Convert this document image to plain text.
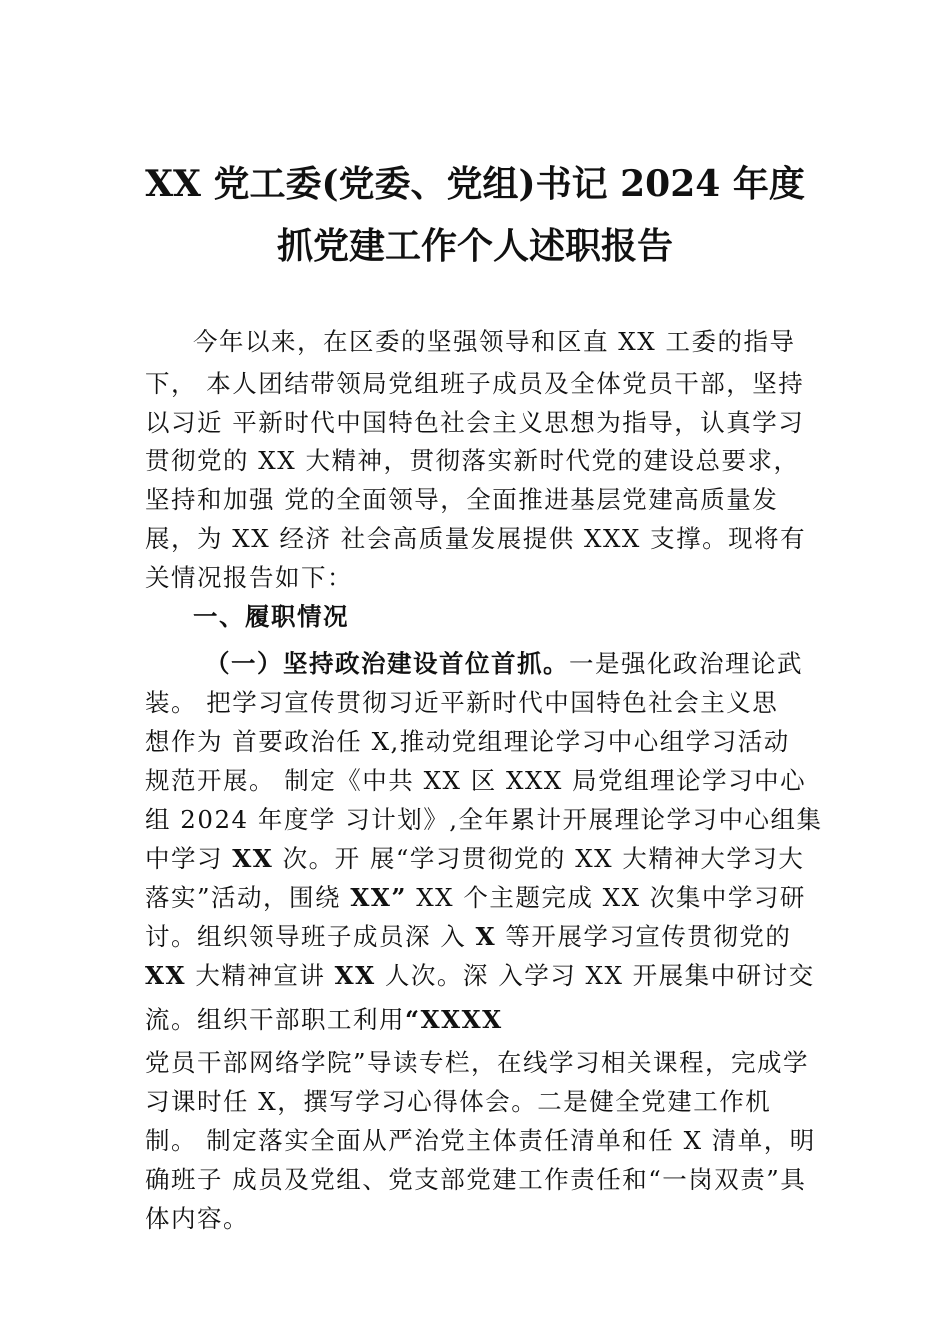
XX 党工委(党委、党组)书记 2024 年度
抓党建工作个人述职报告
今年以来，在区委的坚强领导和区直 XX 工委的指导
下， 本人团结带领局党组班子成员及全体党员干部，坚持
以习近 平新时代中国特色社会主义思想为指导，认真学习
贯彻党的 XX 大精神，贯彻落实新时代党的建设总要求，
坚持和加强 党的全面领导，全面推进基层党建高质量发
展，为 XX 经济 社会高质量发展提供 XXX 支撑。现将有
关情况报告如下：
一、履职情况
（一）坚持政治建设首位首抓。一是强化政治理论武
装。 把学习宣传贯彻习近平新时代中国特色社会主义思
想作为 首要政治任 X,推动党组理论学习中心组学习活动
规范开展。 制定《中共 XX 区 XXX 局党组理论学习中心
组 2024 年度学 习计划》,全年累计开展理论学习中心组集
中学习 XX 次。开 展“学习贯彻党的 XX 大精神大学习大
落实”活动，围绕 XX” XX 个主题完成 XX 次集中学习研
讨。组织领导班子成员深 入 X 等开展学习宣传贯彻党的
XX 大精神宣讲 XX 人次。深 入学习 XX 开展集中研讨交
流。组织干部职工利用“XXXX
党员干部网络学院”导读专栏，在线学习相关课程，完成学
习课时任 X，撰写学习心得体会。二是健全党建工作机
制。 制定落实全面从严治党主体责任清单和任 X 清单，明
确班子 成员及党组、党支部党建工作责任和“一岗双责”具
体内容。
